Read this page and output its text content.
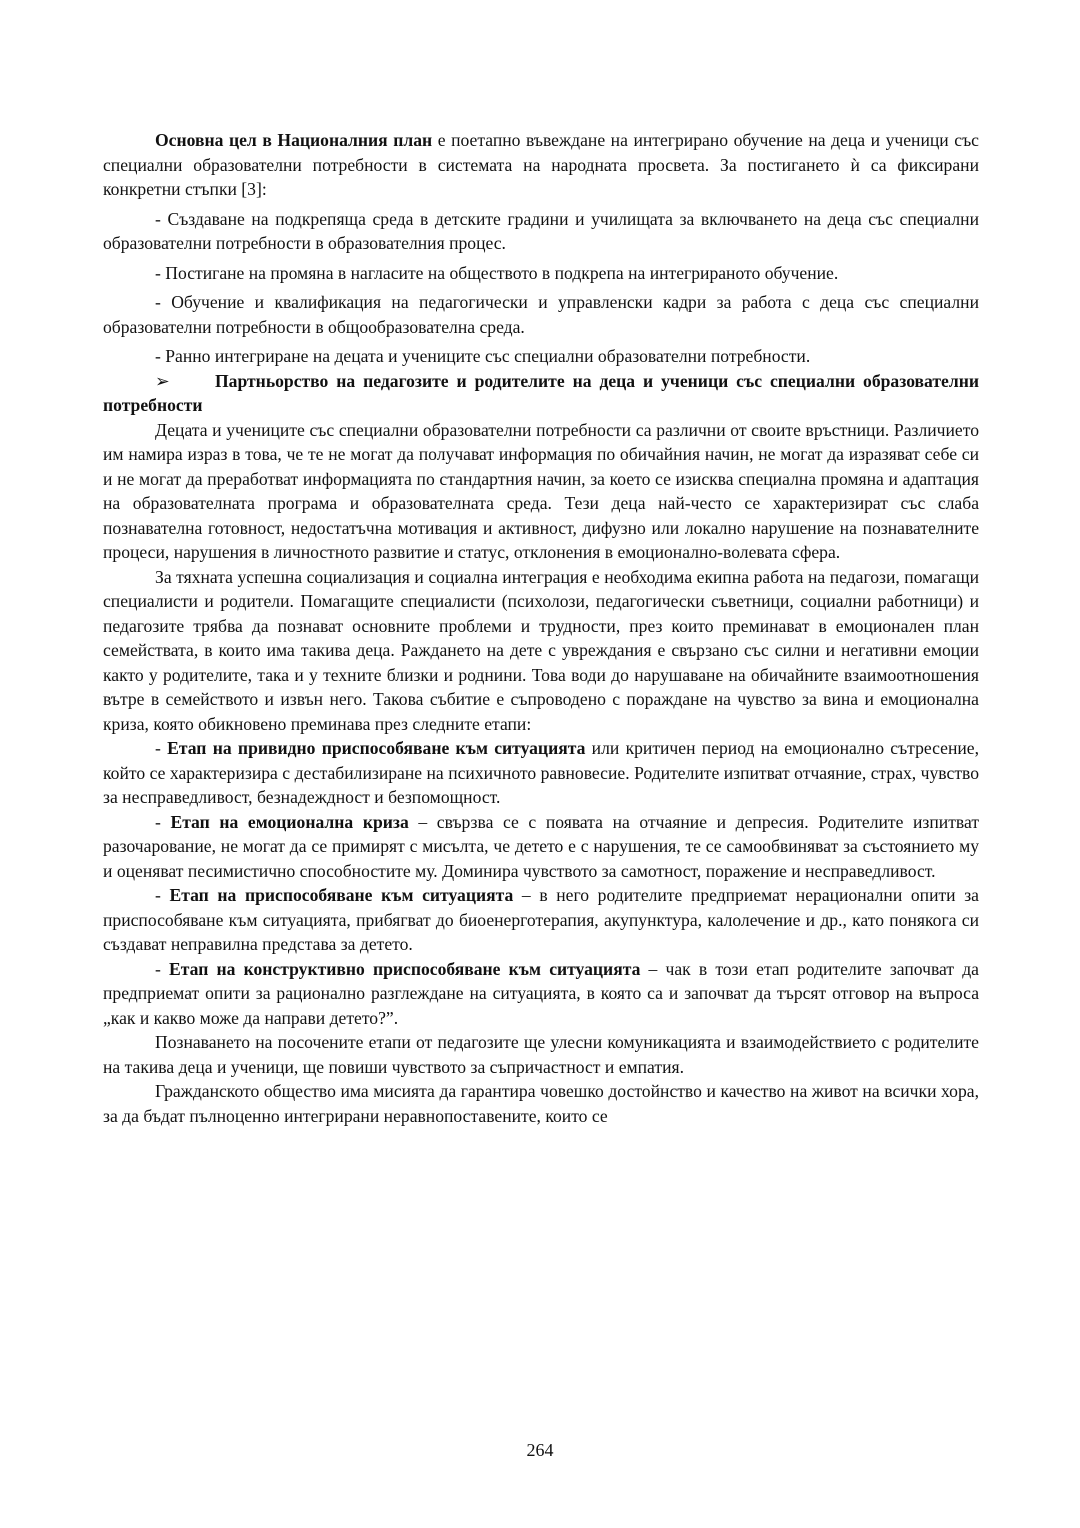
Основна цел в Националния план е поетапно въвеждане на интегрирано обучение на деца и ученици със специални образователни потребности в системата на народната просвета. За постигането ѝ са фиксирани конкретни стъпки [3]:

- Създаване на подкрепяща среда в детските градини и училищата за включването на деца със специални образователни потребности в образователния процес.

- Постигане на промяна в нагласите на обществото в подкрепа на интегрираното обучение.

- Обучение и квалификация на педагогически и управленски кадри за работа с деца със специални образователни потребности в общообразователна среда.

- Ранно интегриране на децата и учениците със специални образователни потребности.

➢	Партньорство на педагозите и родителите на деца и ученици със специални образователни потребности

Децата и учениците със специални образователни потребности са различни от своите връстници. Различието им намира израз в това, че те не могат да получават информация по обичайния начин, не могат да изразяват себе си и не могат да преработват информацията по стандартния начин, за което се изисква специална промяна и адаптация на образователната програма и образователната среда. Тези деца най-често се характеризират със слаба познавателна готовност, недостатъчна мотивация и активност, дифузно или локално нарушение на познавателните процеси, нарушения в личностното развитие и статус, отклонения в емоционално-волевата сфера.

За тяхната успешна социализация и социална интеграция е необходима екипна работа на педагози, помагащи специалисти и родители. Помагащите специалисти (психолози, педагогически съветници, социални работници) и педагозите трябва да познават основните проблеми и трудности, през които преминават в емоционален план семействата, в които има такива деца. Раждането на дете с увреждания е свързано със силни и негативни емоции както у родителите, така и у техните близки и роднини. Това води до нарушаване на обичайните взаимоотношения вътре в семейството и извън него. Такова събитие е съпроводено с пораждане на чувство за вина и емоционална криза, която обикновено преминава през следните етапи:

- Етап на привидно приспособяване към ситуацията или критичен период на емоционално сътресение, който се характеризира с дестабилизиране на психичното равновесие. Родителите изпитват отчаяние, страх, чувство за несправедливост, безнадеждност и безпомощност.

- Етап на емоционална криза – свързва се с появата на отчаяние и депресия. Родителите изпитват разочарование, не могат да се примирят с мисълта, че детето е с нарушения, те се самообвиняват за състоянието му и оценяват песимистично способностите му. Доминира чувството за самотност, поражение и несправедливост.

- Етап на приспособяване към ситуацията – в него родителите предприемат нерационални опити за приспособяване към ситуацията, прибягват до биоенерготерапия, акупунктура, калолечение и др., като понякога си създават неправилна представа за детето.

- Етап на конструктивно приспособяване към ситуацията – чак в този етап родителите започват да предприемат опити за рационално разглеждане на ситуацията, в която са и започват да търсят отговор на въпроса „как и какво може да направи детето?”.

Познаването на посочените етапи от педагозите ще улесни комуникацията и взаимодействието с родителите на такива деца и ученици, ще повиши чувството за съпричастност и емпатия.

Гражданското общество има мисията да гарантира човешко достойнство и качество на живот на всички хора, за да бъдат пълноценно интегрирани неравнопоставените, които се

264
